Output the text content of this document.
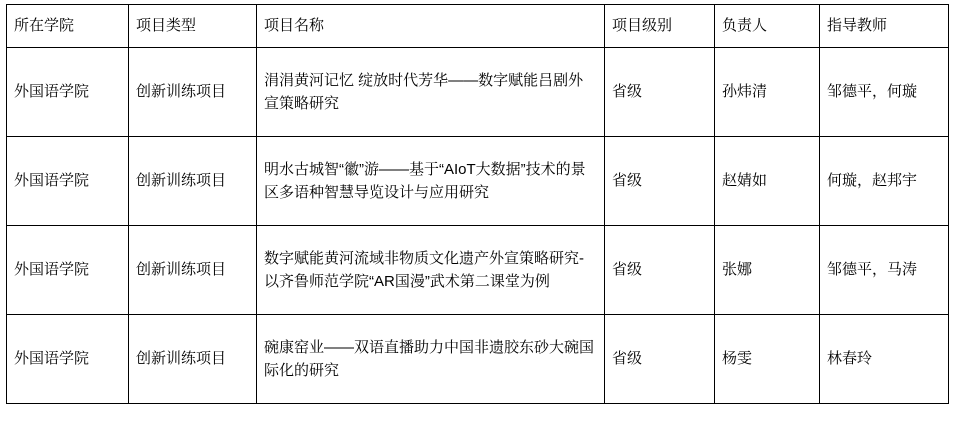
所在学院	项目类型	项目名称	项目级别	负责人	指导教师
外国语学院	创新训练项目	涓涓黄河记忆 绽放时代芳华——数字赋能吕剧外宣策略研究	省级	孙炜清	邹德平，何璇
外国语学院	创新训练项目	明水古城智“徽”游——基于“AIoT大数据”技术的景区多语种智慧导览设计与应用研究	省级	赵婧如	何璇，赵邦宇
外国语学院	创新训练项目	数字赋能黄河流域非物质文化遗产外宣策略研究-以齐鲁师范学院“AR国漫”武术第二课堂为例	省级	张娜	邹德平，马涛
外国语学院	创新训练项目	碗康窑业——双语直播助力中国非遗胶东砂大碗国际化的研究	省级	杨雯	林春玲
